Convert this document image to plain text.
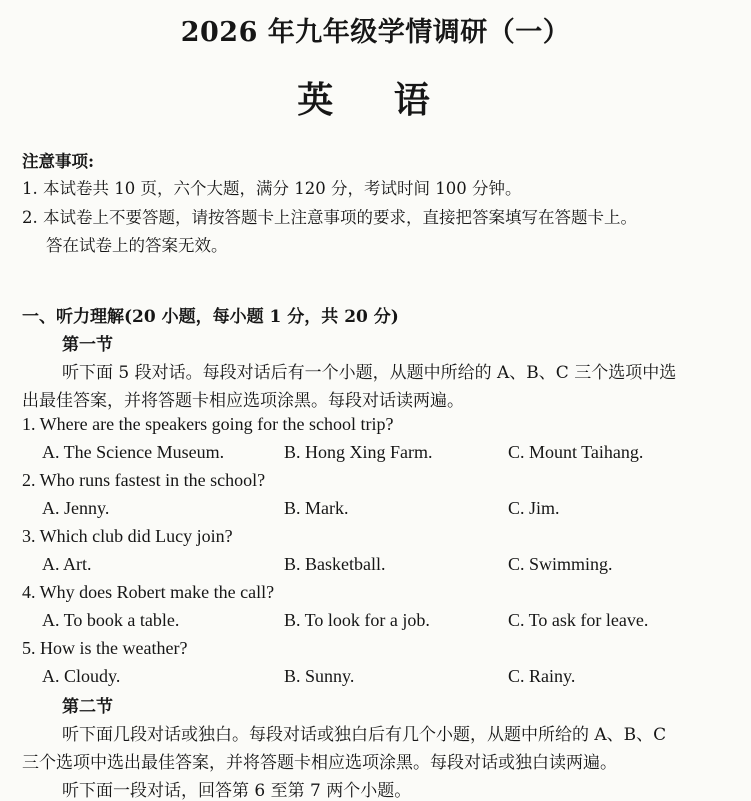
2026 年九年级学情调研（一）
英 语
注意事项:
1. 本试卷共 10 页，六个大题，满分 120 分，考试时间 100 分钟。
2. 本试卷上不要答题，请按答题卡上注意事项的要求，直接把答案填写在答题卡上。
答在试卷上的答案无效。
一、听力理解(20 小题，每小题 1 分，共 20 分)
第一节
听下面 5 段对话。每段对话后有一个小题，从题中所给的 A、B、C 三个选项中选
出最佳答案，并将答题卡相应选项涂黑。每段对话读两遍。
1. Where are the speakers going for the school trip?
A. The Science Museum.	B. Hong Xing Farm.	C. Mount Taihang.
2. Who runs fastest in the school?
A. Jenny.	B. Mark.	C. Jim.
3. Which club did Lucy join?
A. Art.	B. Basketball.	C. Swimming.
4. Why does Robert make the call?
A. To book a table.	B. To look for a job.	C. To ask for leave.
5. How is the weather?
A. Cloudy.	B. Sunny.	C. Rainy.
第二节
听下面几段对话或独白。每段对话或独白后有几个小题，从题中所给的 A、B、C
三个选项中选出最佳答案，并将答题卡相应选项涂黑。每段对话或独白读两遍。
听下面一段对话，回答第 6 至第 7 两个小题。
